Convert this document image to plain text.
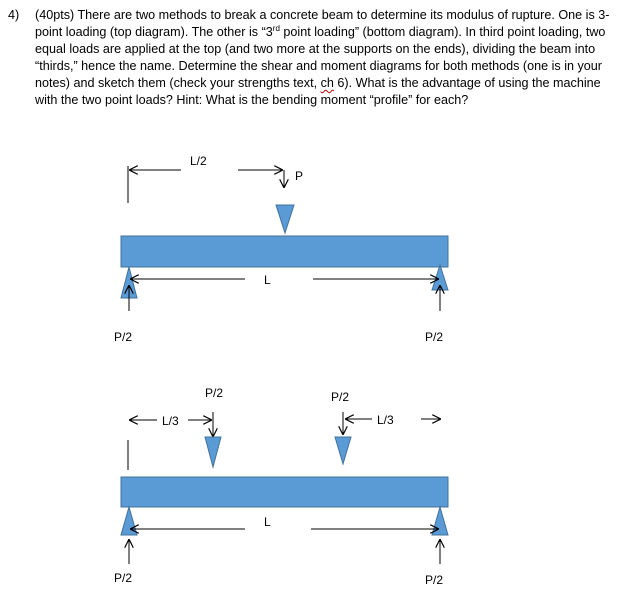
4) (40pts) There are two methods to break a concrete beam to determine its modulus of rupture. One is 3-point loading (top diagram). The other is “3rd point loading” (bottom diagram). In third point loading, two equal loads are applied at the top (and two more at the supports on the ends), dividing the beam into “thirds,” hence the name. Determine the shear and moment diagrams for both methods (one is in your notes) and sketch them (check your strengths text, ch 6). What is the advantage of using the machine with the two point loads? Hint: What is the bending moment “profile” for each?

L/2
P
L
P/2	P/2
P/2	P/2
L/3	L/3
L
P/2	P/2
